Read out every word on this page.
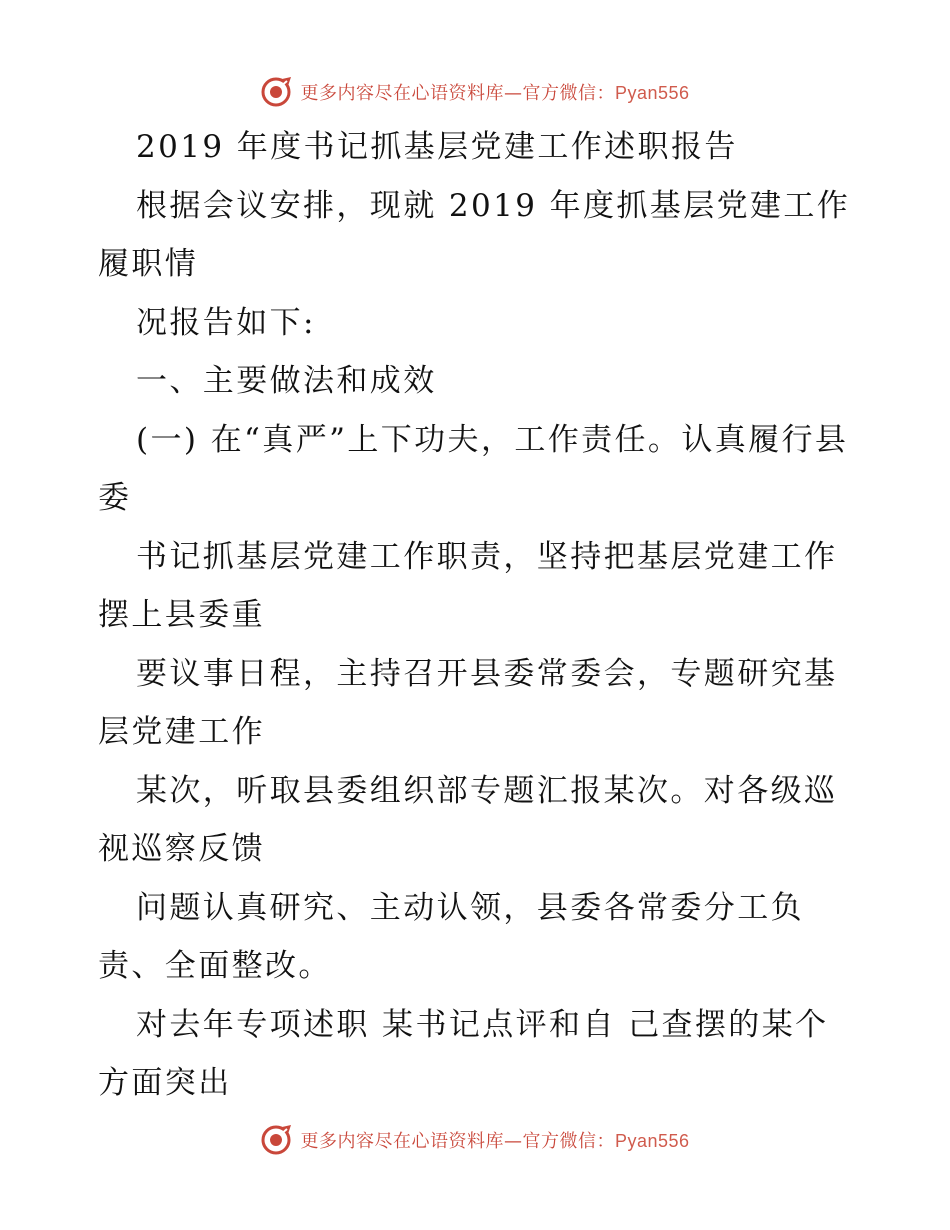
更多内容尽在心语资料库—官方微信：Pyan556

2019 年度书记抓基层党建工作述职报告

根据会议安排，现就 2019 年度抓基层党建工作履职情

况报告如下:

一、主要做法和成效

(一) 在“真严”上下功夫，工作责任。认真履行县委

书记抓基层党建工作职责，坚持把基层党建工作摆上县委重

要议事日程，主持召开县委常委会，专题研究基层党建工作

某次，听取县委组织部专题汇报某次。对各级巡视巡察反馈

问题认真研究、主动认领，县委各常委分工负责、全面整改。

对去年专项述职 某书记点评和自 己查摆的某个方面突出

更多内容尽在心语资料库—官方微信：Pyan556
